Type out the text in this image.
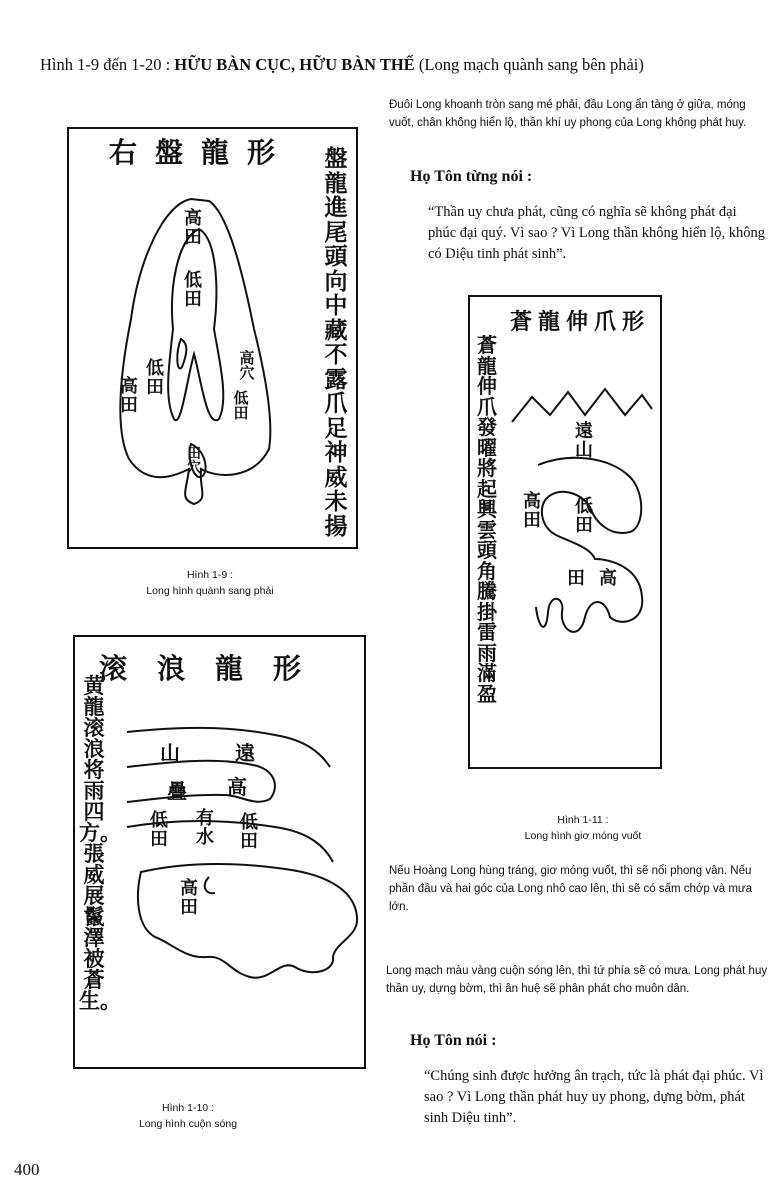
Hình 1-9 đến 1-20 : HỮU BÀN CỤC, HỮU BÀN THẾ (Long mạch quành sang bên phải)
形龍盤右 盤龍進尾頭向中藏不露爪足神威未揚
高田
低田
低田
高田
高穴
低田
田穴
Hình 1-9 :
Long hình quành sang phải
形龍浪滚
黄龍滚浪将雨四方。張威展鬣澤被蒼生。
山	遠
疊 高
低田
有水
低田
高田
Hình 1-10 :
Long hình cuộn sóng
形爪伸龍蒼
蒼龍伸爪發曜將起興雲頭角騰掛雷雨滿盈
遠山
高田
低田
田 高
Hình 1-11 :
Long hình giơ móng vuốt
Đuôi Long khoanh tròn sang mé phải, đầu Long ẩn tàng ở giữa, móng vuốt, chân không hiển lộ, thần khí uy phong của Long không phát huy.
Họ Tôn từng nói :
“Thần uy chưa phát, cũng có nghĩa sẽ không phát đại phúc đại quý. Vì sao ? Vì Long thần không hiển lộ, không có Diệu tinh phát sinh”.
Nếu Hoàng Long hùng tráng, giơ móng vuốt, thì sẽ nổi phong vân. Nếu phần đầu và hai góc của Long nhô cao lên, thì sẽ có sấm chớp và mưa lớn.
Long mạch màu vàng cuộn sóng lên, thì tứ phía sẽ có mưa. Long phát huy thần uy, dựng bờm, thì ân huệ sẽ phân phát cho muôn dân.
Họ Tôn nói :
“Chúng sinh được hưởng ân trạch, tức là phát đại phúc. Vì sao ? Vì Long thần phát huy uy phong, dựng bờm, phát sinh Diệu tinh”.
400
